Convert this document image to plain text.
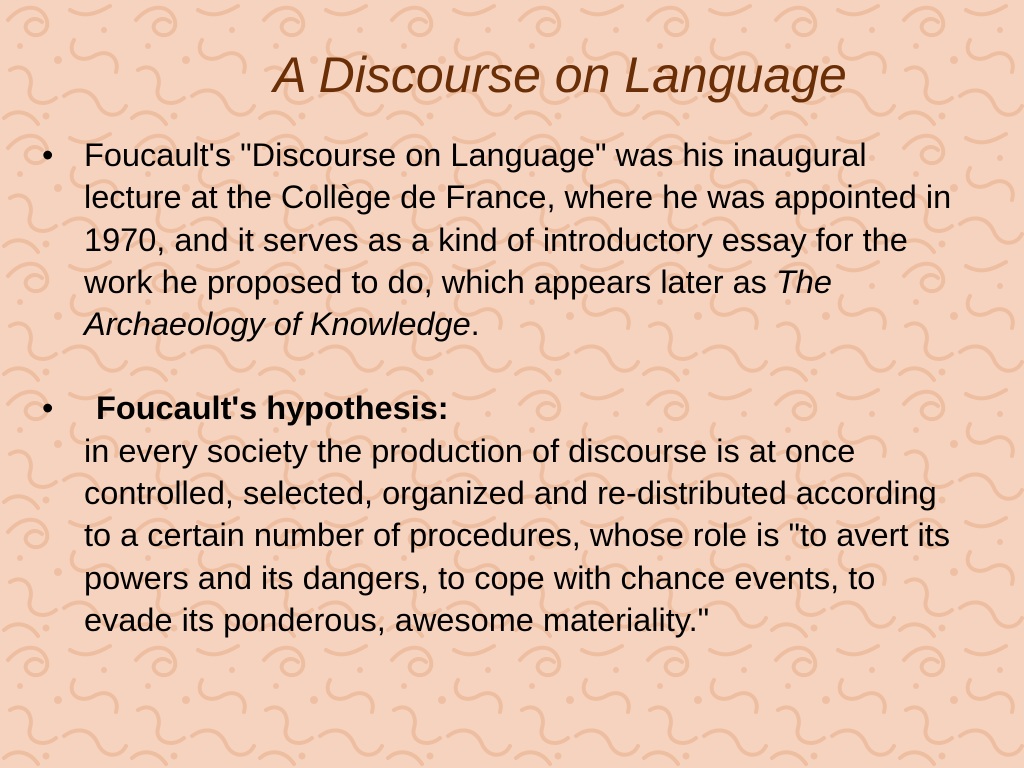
A Discourse on Language
• Foucault's "Discourse on Language" was his inaugural lecture at the Collège de France, where he was appointed in 1970, and it serves as a kind of introductory essay for the work he proposed to do, which appears later as The Archaeology of Knowledge.
• Foucault's hypothesis:
in every society the production of discourse is at once controlled, selected, organized and re-distributed according to a certain number of procedures, whose role is "to avert its powers and its dangers, to cope with chance events, to evade its ponderous, awesome materiality."
